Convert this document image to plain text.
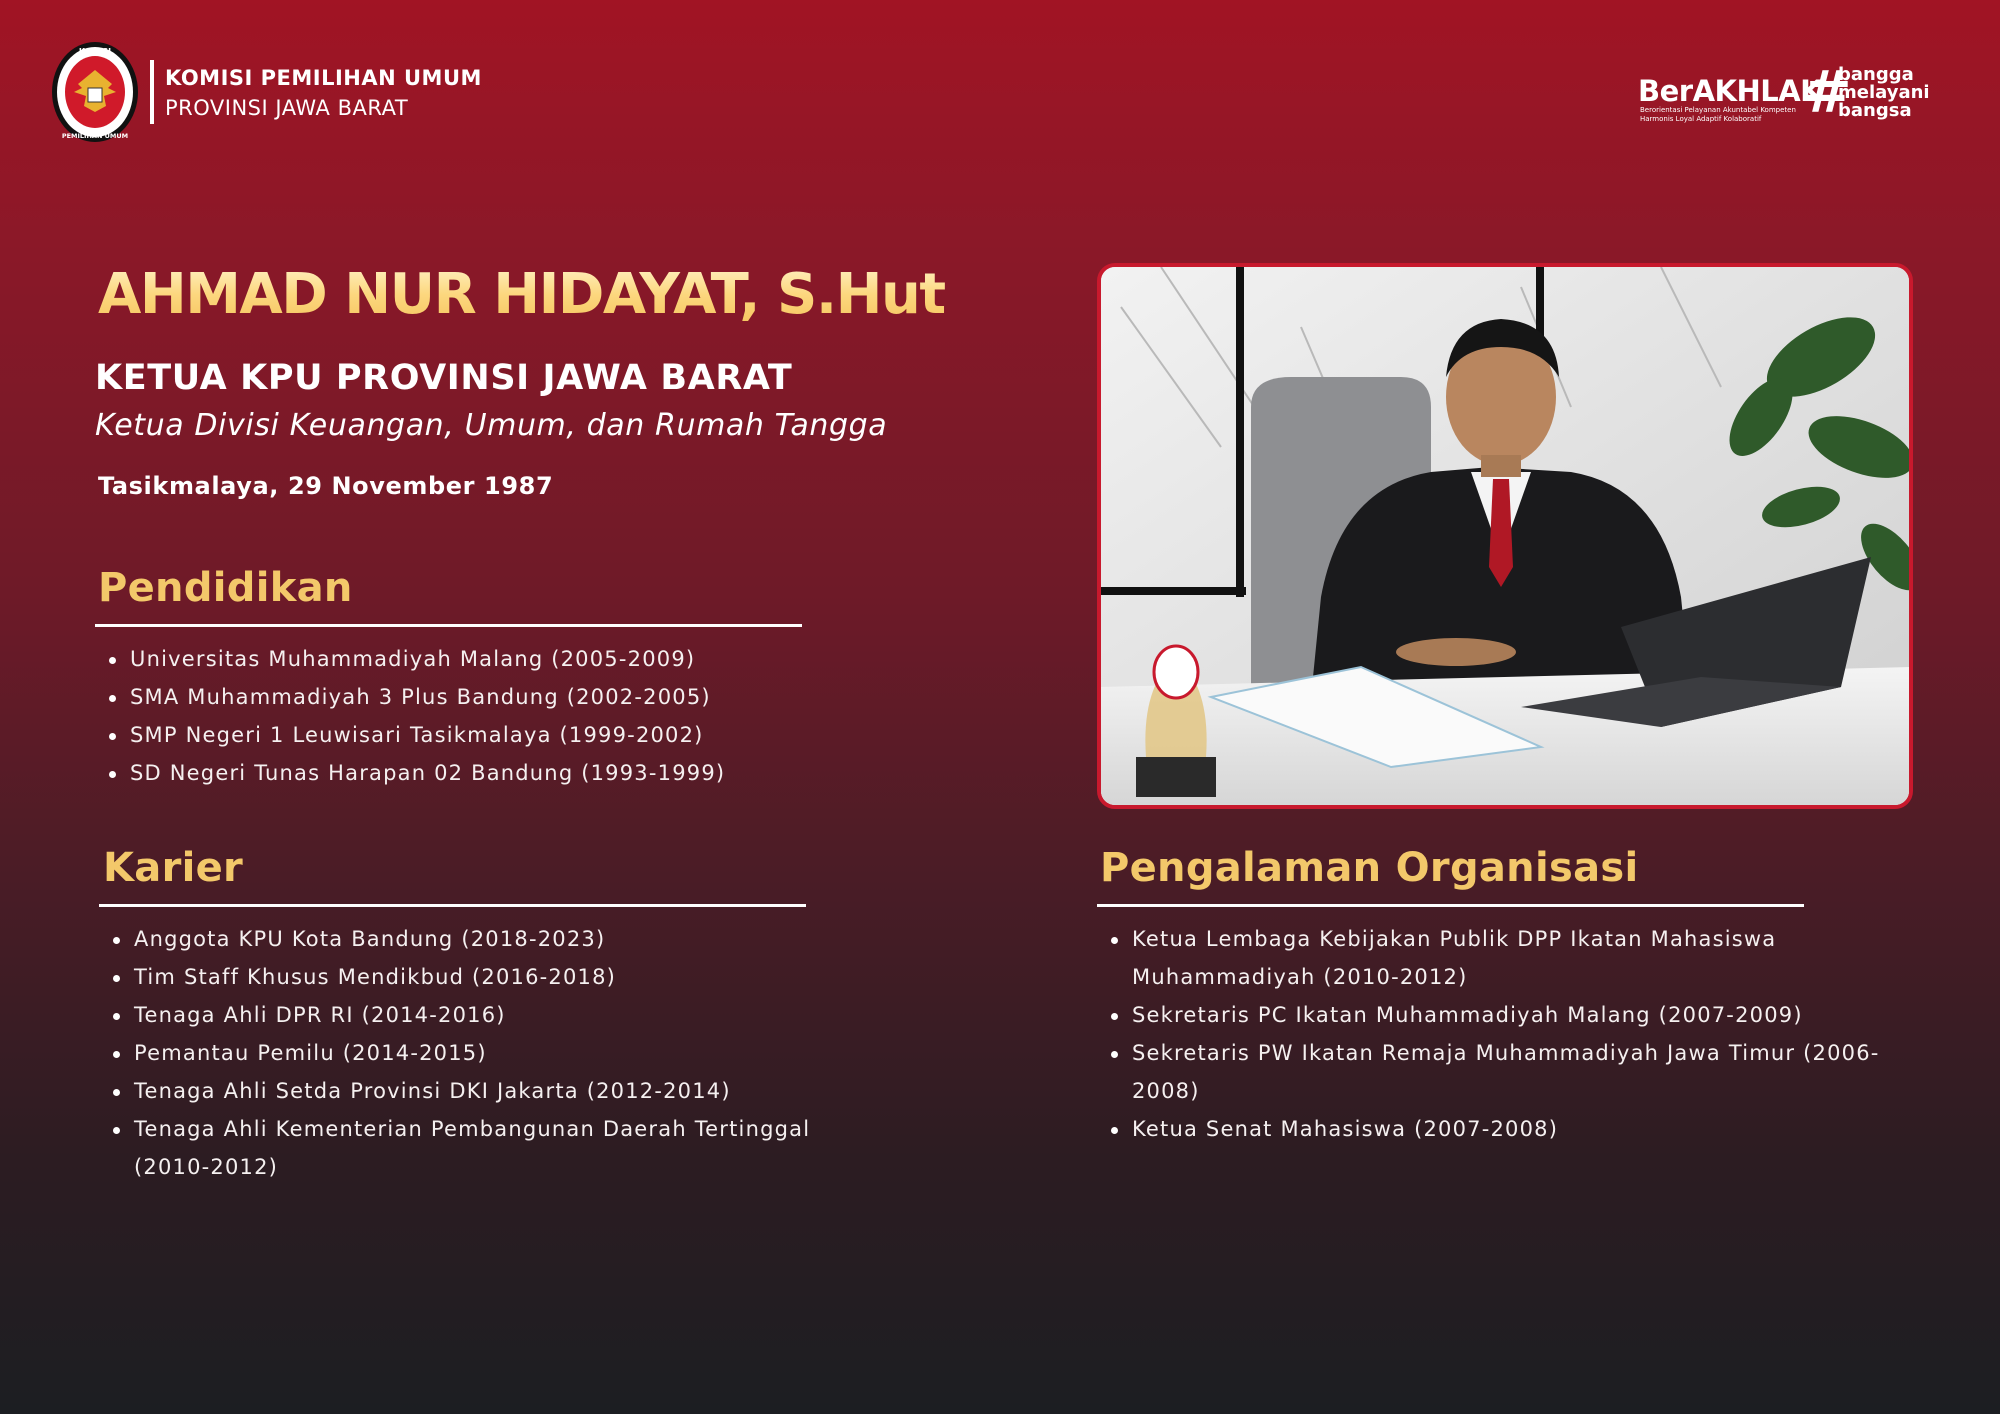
KOMISI
PEMILIHAN UMUM
KOMISI PEMILIHAN UMUM
PROVINSI JAWA BARAT	BerAKHLAK
Berorientasi Pelayanan Akuntabel Kompeten
Harmonis Loyal Adaptif Kolaboratif #
bangga
melayani
bangsa
AHMAD NUR HIDAYAT, S.Hut
KETUA KPU PROVINSI JAWA BARAT
Ketua Divisi Keuangan, Umum, dan Rumah Tangga
Tasikmalaya, 29 November 1987
Pendidikan
Universitas Muhammadiyah Malang (2005-2009)
SMA Muhammadiyah 3 Plus Bandung (2002-2005)
SMP Negeri 1 Leuwisari Tasikmalaya (1999-2002)
SD Negeri Tunas Harapan 02 Bandung (1993-1999)
Karier
Anggota KPU Kota Bandung (2018-2023)
Tim Staff Khusus Mendikbud (2016-2018)
Tenaga Ahli DPR RI (2014-2016)
Pemantau Pemilu (2014-2015)
Tenaga Ahli Setda Provinsi DKI Jakarta (2012-2014)
Tenaga Ahli Kementerian Pembangunan Daerah Tertinggal (2010-2012)
Pengalaman Organisasi
Ketua Lembaga Kebijakan Publik DPP Ikatan Mahasiswa Muhammadiyah (2010-2012)
Sekretaris PC Ikatan Muhammadiyah Malang (2007-2009)
Sekretaris PW Ikatan Remaja Muhammadiyah Jawa Timur (2006-2008)
Ketua Senat Mahasiswa (2007-2008)
